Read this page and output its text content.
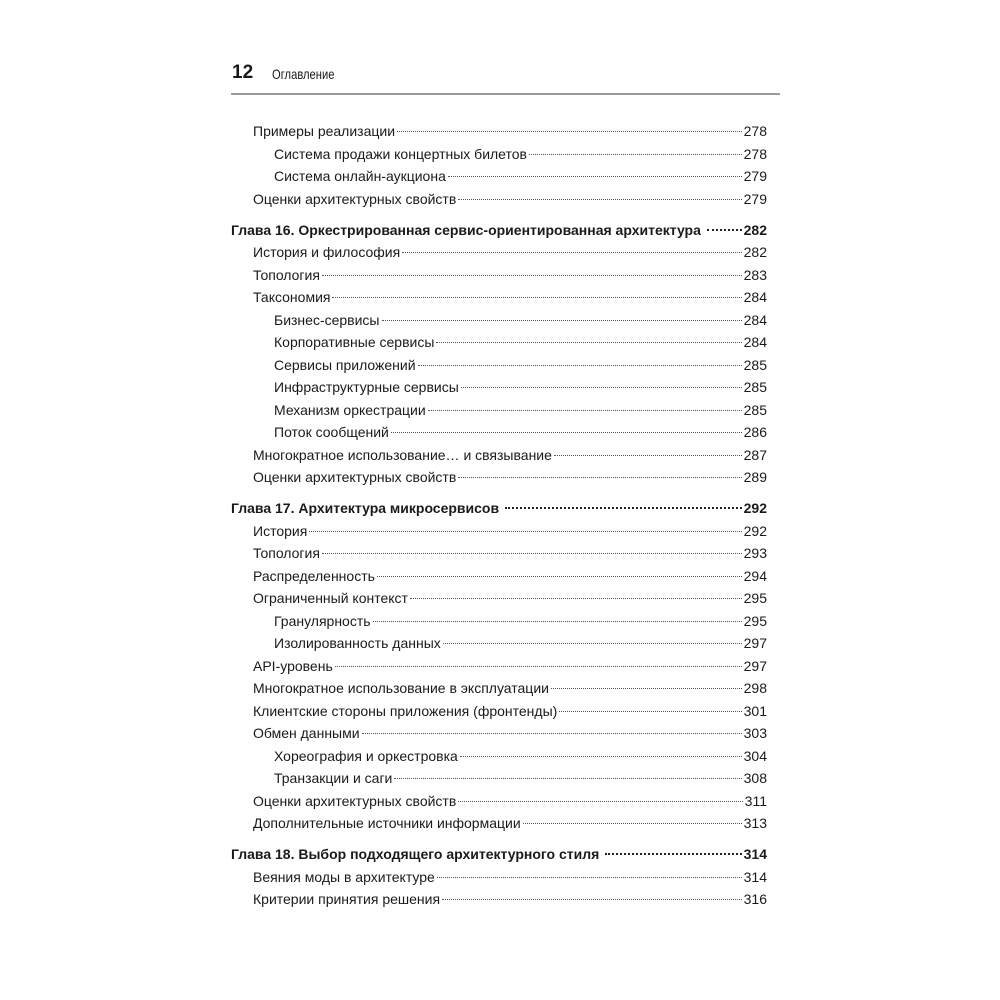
12 Оглавление
Примеры реализации	278
Система продажи концертных билетов	278
Система онлайн-аукциона	279
Оценки архитектурных свойств	279
Глава 16. Оркестрированная сервис-ориентированная архитектура	282
История и философия	282
Топология	283
Таксономия	284
Бизнес-сервисы	284
Корпоративные сервисы	284
Сервисы приложений	285
Инфраструктурные сервисы	285
Механизм оркестрации	285
Поток сообщений	286
Многократное использование… и связывание	287
Оценки архитектурных свойств	289
Глава 17. Архитектура микросервисов	292
История	292
Топология	293
Распределенность	294
Ограниченный контекст	295
Гранулярность	295
Изолированность данных	297
API-уровень	297
Многократное использование в эксплуатации	298
Клиентские стороны приложения (фронтенды)	301
Обмен данными	303
Хореография и оркестровка	304
Транзакции и саги	308
Оценки архитектурных свойств	311
Дополнительные источники информации	313
Глава 18. Выбор подходящего архитектурного стиля	314
Веяния моды в архитектуре	314
Критерии принятия решения	316
